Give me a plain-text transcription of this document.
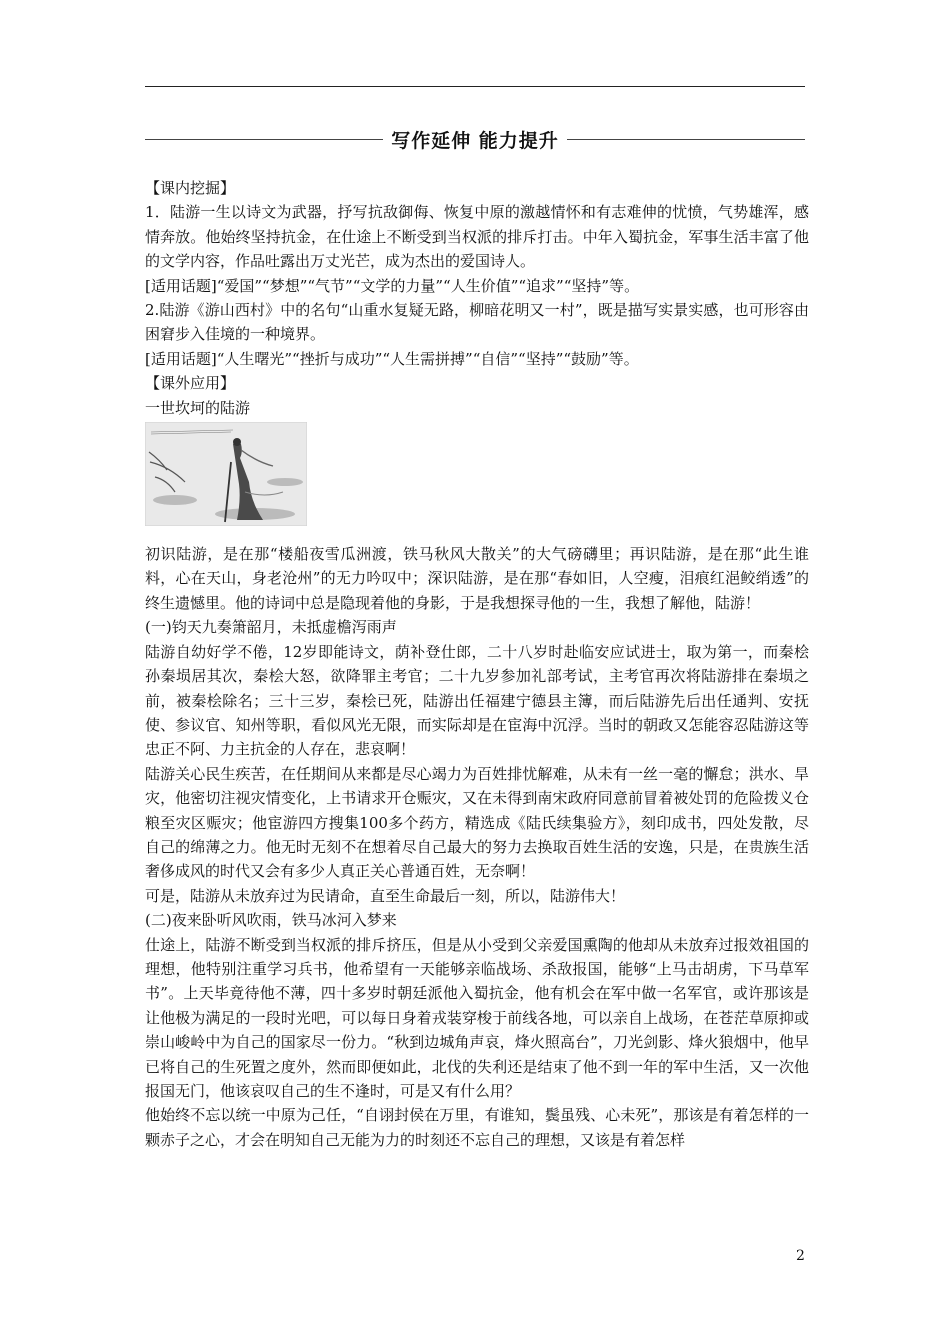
写作延伸 能力提升

【课内挖掘】

1．陆游一生以诗文为武器，抒写抗敌御侮、恢复中原的激越情怀和有志难伸的忧愤，气势雄浑，感情奔放。他始终坚持抗金，在仕途上不断受到当权派的排斥打击。中年入蜀抗金，军事生活丰富了他的文学内容，作品吐露出万丈光芒，成为杰出的爱国诗人。

[适用话题]“爱国”“梦想”“气节”“文学的力量”“人生价值”“追求”“坚持”等。

2.陆游《游山西村》中的名句“山重水复疑无路，柳暗花明又一村”，既是描写实景实感，也可形容由困窘步入佳境的一种境界。

[适用话题]“人生曙光”“挫折与成功”“人生需拼搏”“自信”“坚持”“鼓励”等。

【课外应用】

一世坎坷的陆游

初识陆游，是在那“楼船夜雪瓜洲渡，铁马秋风大散关”的大气磅礴里；再识陆游，是在那“此生谁料，心在天山，身老沧州”的无力吟叹中；深识陆游，是在那“春如旧，人空瘦，泪痕红浥鲛绡透”的终生遗憾里。他的诗词中总是隐现着他的身影，于是我想探寻他的一生，我想了解他，陆游！

(一)钧天九奏箫韶月，未抵虚檐泻雨声

陆游自幼好学不倦，12岁即能诗文，荫补登仕郎，二十八岁时赴临安应试进士，取为第一，而秦桧孙秦埙居其次，秦桧大怒，欲降罪主考官；二十九岁参加礼部考试，主考官再次将陆游排在秦埙之前，被秦桧除名；三十三岁，秦桧已死，陆游出任福建宁德县主簿，而后陆游先后出任通判、安抚使、参议官、知州等职，看似风光无限，而实际却是在宦海中沉浮。当时的朝政又怎能容忍陆游这等忠正不阿、力主抗金的人存在，悲哀啊！

陆游关心民生疾苦，在任期间从来都是尽心竭力为百姓排忧解难，从未有一丝一毫的懈怠；洪水、旱灾，他密切注视灾情变化，上书请求开仓赈灾，又在未得到南宋政府同意前冒着被处罚的危险拨义仓粮至灾区赈灾；他宦游四方搜集100多个药方，精选成《陆氏续集验方》，刻印成书，四处发散，尽自己的绵薄之力。他无时无刻不在想着尽自己最大的努力去换取百姓生活的安逸，只是，在贵族生活奢侈成风的时代又会有多少人真正关心普通百姓，无奈啊！

可是，陆游从未放弃过为民请命，直至生命最后一刻，所以，陆游伟大！

(二)夜来卧听风吹雨，铁马冰河入梦来

仕途上，陆游不断受到当权派的排斥挤压，但是从小受到父亲爱国熏陶的他却从未放弃过报效祖国的理想，他特别注重学习兵书，他希望有一天能够亲临战场、杀敌报国，能够“上马击胡虏，下马草军书”。上天毕竟待他不薄，四十多岁时朝廷派他入蜀抗金，他有机会在军中做一名军官，或许那该是让他极为满足的一段时光吧，可以每日身着戎装穿梭于前线各地，可以亲自上战场，在苍茫草原抑或崇山峻岭中为自己的国家尽一份力。“秋到边城角声哀，烽火照高台”，刀光剑影、烽火狼烟中，他早已将自己的生死置之度外，然而即便如此，北伐的失利还是结束了他不到一年的军中生活，又一次他报国无门，他该哀叹自己的生不逢时，可是又有什么用？

他始终不忘以统一中原为己任，“自诩封侯在万里，有谁知，鬓虽残、心未死”，那该是有着怎样的一颗赤子之心，才会在明知自己无能为力的时刻还不忘自己的理想，又该是有着怎样

2
